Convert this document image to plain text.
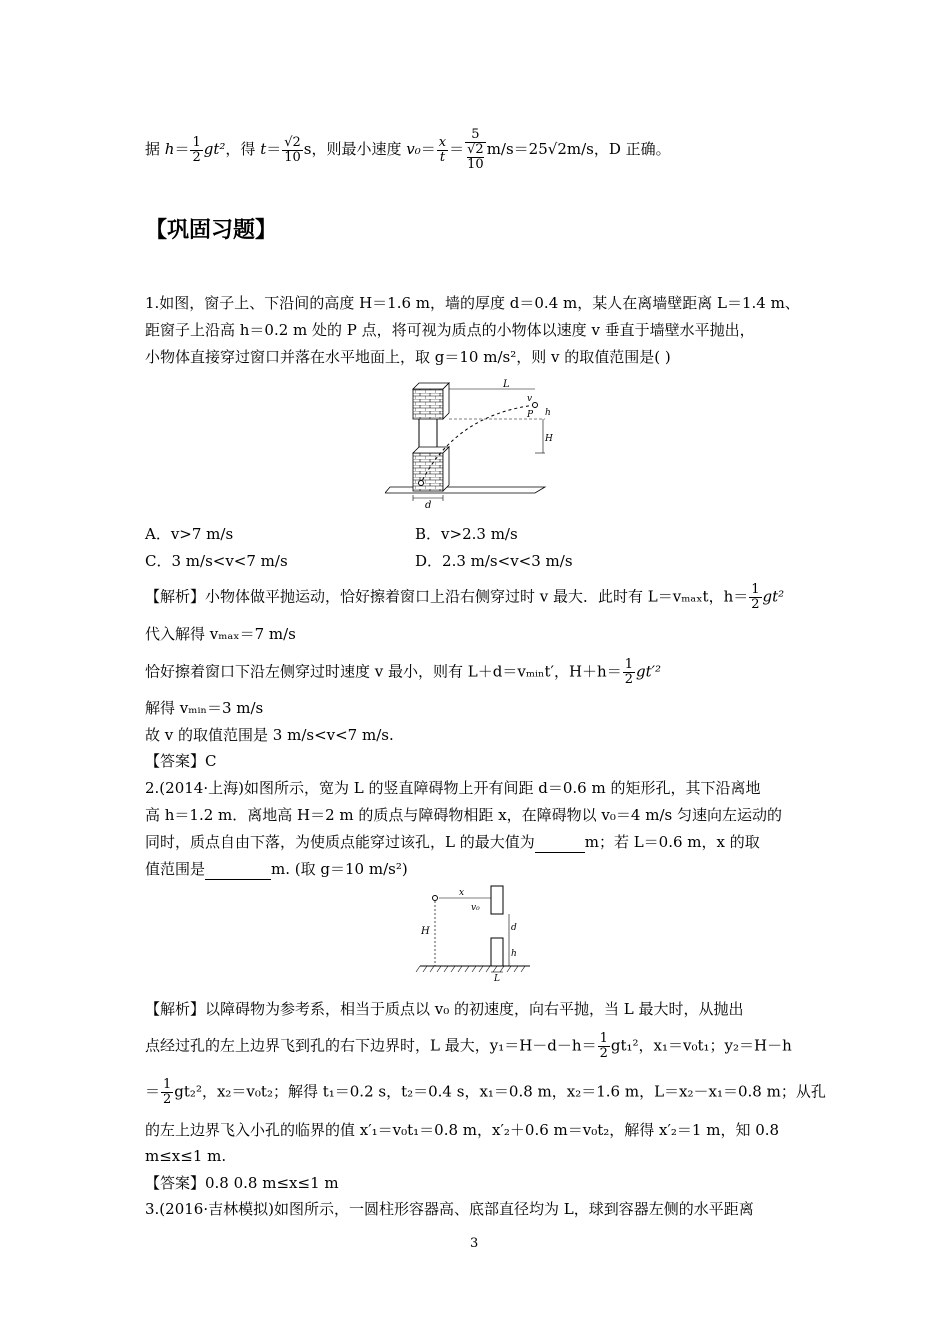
据 $h= \frac{1}{2} gt^2$，得 $t= \frac{√2}{10}$ s，则最小速度 $v_0= \frac{x}{t} = 5$
√2
10 m/s＝25√2m/s，D 正确。
【巩固习题】
1.如图，窗子上、下沿间的高度 H＝1.6 m，墙的厚度 d＝0.4 m，某人在离墙壁距离 L＝1.4 m、
距窗子上沿高 h＝0.2 m 处的 P 点，将可视为质点的小物体以速度 v 垂直于墙壁水平抛出，
小物体直接穿过窗口并落在水平地面上，取 g＝10 m/s²，则 v 的取值范围是( )
L
v
P h
H
d
A．v>7 m/s	B．v>2.3 m/s
C．3 m/s<v<7 m/s	D．2.3 m/s<v<3 m/s
【解析】小物体做平抛运动，恰好擦着窗口上沿右侧穿过时 v 最大．此时有 L＝vₘₐₓt，$h= \frac{1}{2} gt^2$
代入解得 vₘₐₓ＝7 m/s
恰好擦着窗口下沿左侧穿过时速度 v 最小，则有 L＋d＝vₘᵢₙt′，$H+h= \frac{1}{2} gt'^2$
解得 vₘᵢₙ＝3 m/s
故 v 的取值范围是 3 m/s<v<7 m/s.
【答案】C
2.(2014·上海)如图所示，宽为 L 的竖直障碍物上开有间距 d＝0.6 m 的矩形孔，其下沿离地
高 h＝1.2 m．离地高 H＝2 m 的质点与障碍物相距 x，在障碍物以 v₀＝4 m/s 匀速向左运动的
同时，质点自由下落，为使质点能穿过该孔，L 的最大值为	m；若 L＝0.6 m，x 的取
值范围是	m. (取 g＝10 m/s²)
H
x
v₀
d
h
L
【解析】以障碍物为参考系，相当于质点以 v₀ 的初速度，向右平抛，当 L 最大时，从抛出
点经过孔的左上边界飞到孔的右下边界时，L 最大，$y_1=H-d-h= \frac{1}{2} gt_1^2$，x₁＝v₀t₁；y₂＝H－h
＝ $\frac{1}{2} gt_2^2$，x₂＝v₀t₂；解得 t₁＝0.2 s，t₂＝0.4 s，x₁＝0.8 m，x₂＝1.6 m，L＝x₂－x₁＝0.8 m；从孔
的左上边界飞入小孔的临界的值 x′₁＝v₀t₁＝0.8 m，x′₂＋0.6 m＝v₀t₂，解得 x′₂＝1 m，知 0.8
m≤x≤1 m.
【答案】0.8 0.8 m≤x≤1 m
3.(2016·吉林模拟)如图所示，一圆柱形容器高、底部直径均为 L，球到容器左侧的水平距离
3
